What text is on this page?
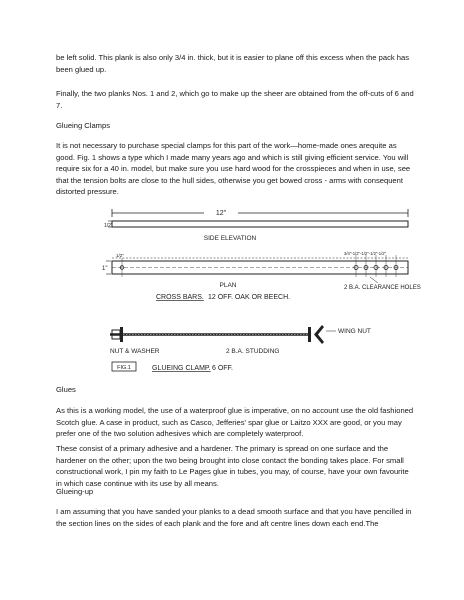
be left solid. This plank is also only 3/4 in. thick, but it is easier to plane off this excess when the pack has been glued up.

Finally, the two planks Nos. 1 and 2, which go to make up the sheer are obtained from the off-cuts of 6 and 7.

Glueing Clamps

It is not necessary to purchase special clamps for this part of the work—home-made ones arequite as good. Fig. 1 shows a type which I made many years ago and which is still giving efficient service. You will require six for a 40 in. model, but make sure you use hard wood for the crosspieces and when in use, see that the tension bolts are close to the hull sides, otherwise you get bowed cross - arms with consequent distorted pressure.

12"
1/2"
SIDE ELEVATION
1/2"
1"
3/4"-1/2"-1/2"-1/2"-1/2"
PLAN	2 B.A. CLEARANCE HOLES
CROSS BARS. 12 OFF. OAK OR BEECH.
WING NUT
NUT & WASHER	2 B.A. STUDDING
FIG.1	GLUEING CLAMP. 6 OFF.

Glues

As this is a working model, the use of a waterproof glue is imperative, on no account use the old fashioned Scotch glue. A case in product, such as Casco, Jefferies' spar glue or Laitzo XXX are good, or you may prefer one of the two solution adhesives which are completely waterproof.

These consist of a primary adhesive and a hardener. The primary is spread on one surface and the hardener on the other; upon the two being brought into close contact the bonding takes place. For small constructional work, I pin my faith to Le Pages glue in tubes, you may, of course, have your own favourite in which case continue with its use by all means.

Glueing-up

I am assuming that you have sanded your planks to a dead smooth surface and that you have pencilled in the section lines on the sides of each plank and the fore and aft centre lines down each end.The
